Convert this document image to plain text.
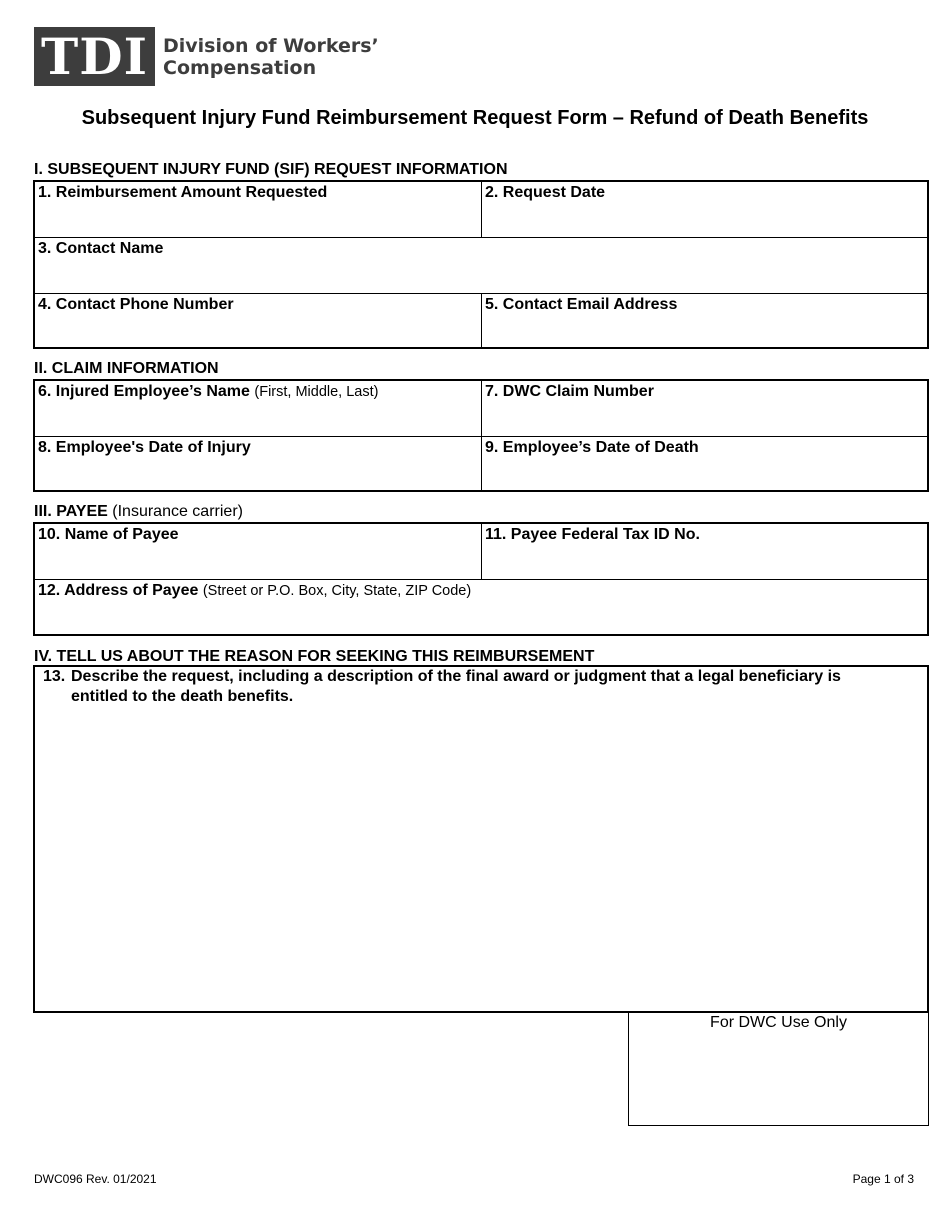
TDI Division of Workers’
Compensation
Subsequent Injury Fund Reimbursement Request Form – Refund of Death Benefits
I. SUBSEQUENT INJURY FUND (SIF) REQUEST INFORMATION
1. Reimbursement Amount Requested	2. Request Date
3. Contact Name
4. Contact Phone Number	5. Contact Email Address
II. CLAIM INFORMATION
6. Injured Employee’s Name (First, Middle, Last)	7. DWC Claim Number
8. Employee's Date of Injury	9. Employee’s Date of Death
III. PAYEE (Insurance carrier)
10. Name of Payee	11. Payee Federal Tax ID No.
12. Address of Payee (Street or P.O. Box, City, State, ZIP Code)
IV. TELL US ABOUT THE REASON FOR SEEKING THIS REIMBURSEMENT
13. Describe the request, including a description of the final award or judgment that a legal beneficiary is
entitled to the death benefits.
For DWC Use Only
DWC096 Rev. 01/2021	Page 1 of 3
